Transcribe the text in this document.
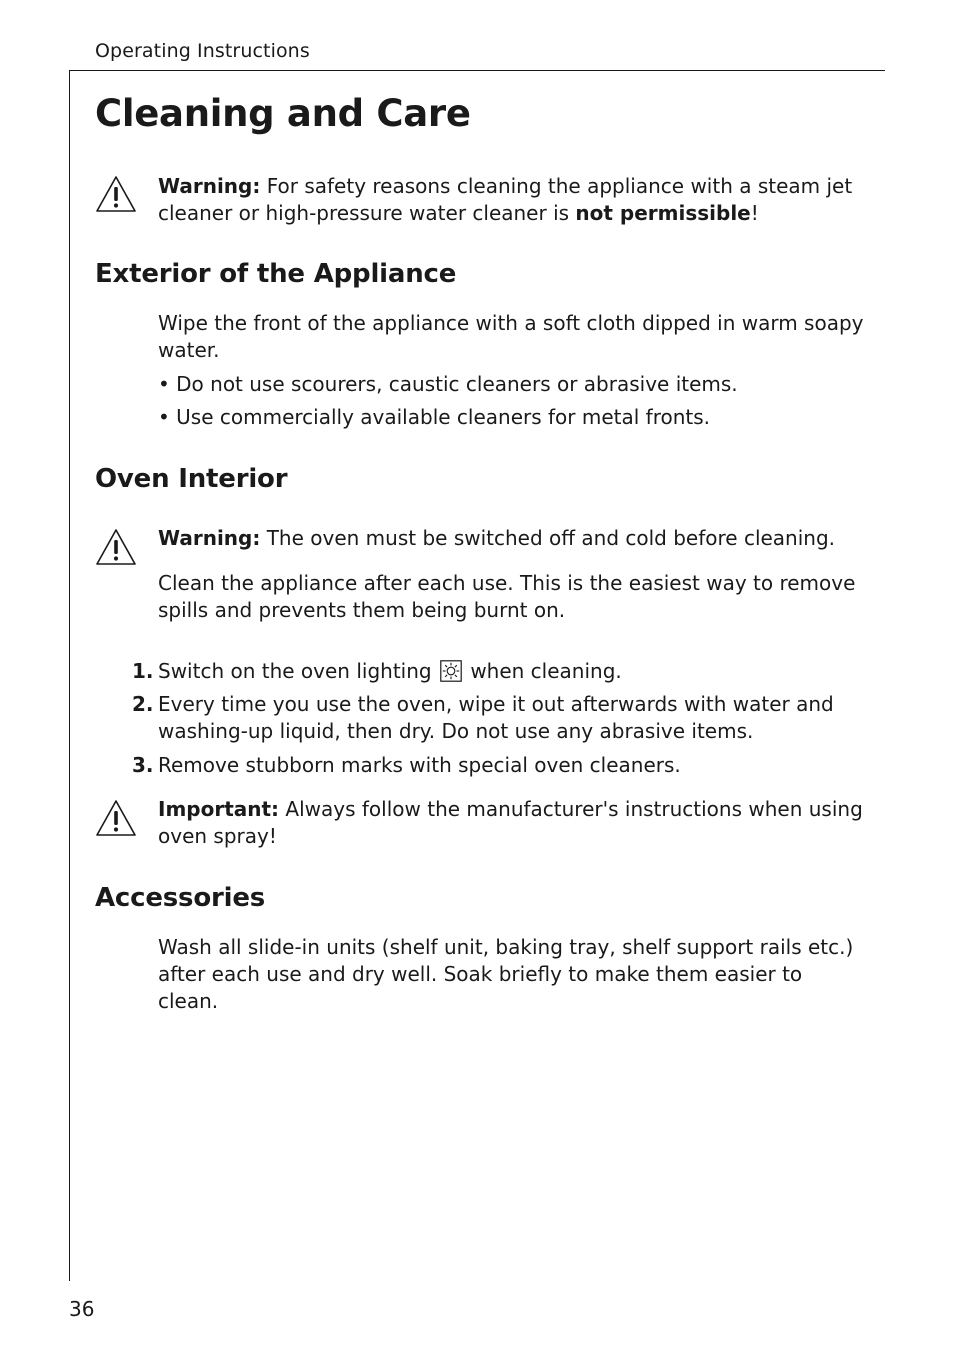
Operating Instructions
Cleaning and Care

Warning: For safety reasons cleaning the appliance with a steam jet cleaner or high-pressure water cleaner is not permissible!

Exterior of the Appliance

Wipe the front of the appliance with a soft cloth dipped in warm soapy water.

• Do not use scourers, caustic cleaners or abrasive items.

• Use commercially available cleaners for metal fronts.

Oven Interior

Warning: The oven must be switched off and cold before cleaning.

Clean the appliance after each use. This is the easiest way to remove spills and prevents them being burnt on.

1. Switch on the oven lighting when cleaning.

2. Every time you use the oven, wipe it out afterwards with water and washing-up liquid, then dry. Do not use any abrasive items.

3. Remove stubborn marks with special oven cleaners.

Important: Always follow the manufacturer's instructions when using oven spray!

Accessories

Wash all slide-in units (shelf unit, baking tray, shelf support rails etc.) after each use and dry well. Soak briefly to make them easier to clean.

36
